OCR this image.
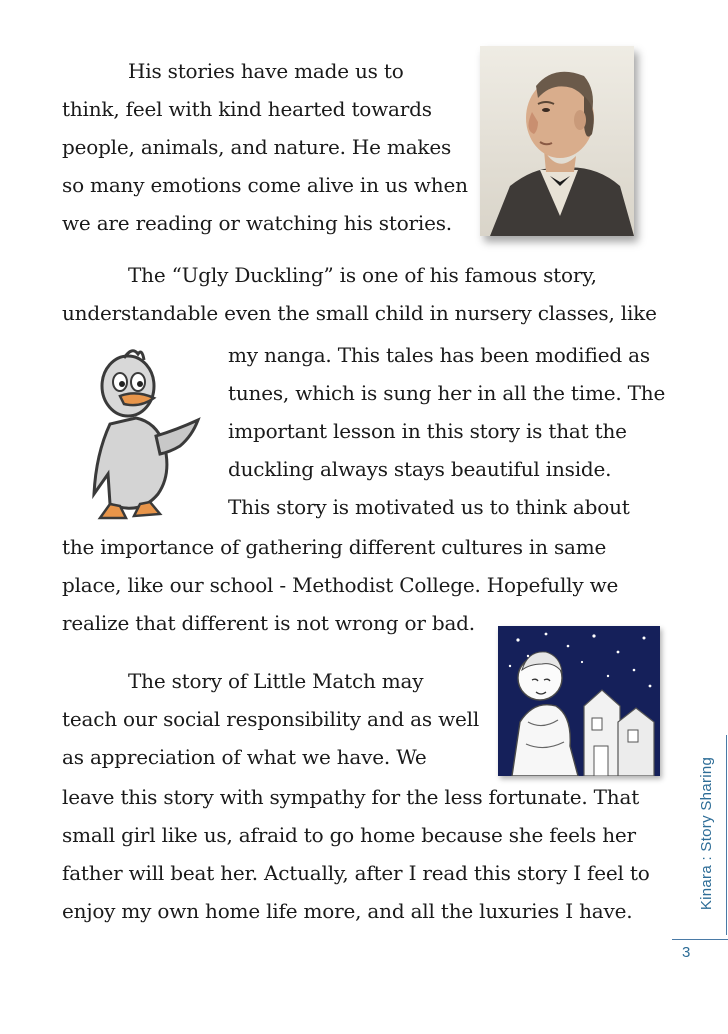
His stories have made us to
think, feel with kind hearted towards
people, animals, and nature. He makes
so many emotions come alive in us when
we are reading or watching his stories.
The “Ugly Duckling” is one of his famous story,
understandable even the small child in nursery classes, like
my nanga. This tales has been modified as
tunes, which is sung her in all the time. The
important lesson in this story is that the
duckling always stays beautiful inside.
This story is motivated us to think about
the importance of gathering different cultures in same
place, like our school - Methodist College. Hopefully we
realize that different is not wrong or bad.
The story of Little Match may
teach our social responsibility and as well
as appreciation of what we have. We
leave this story with sympathy for the less fortunate. That
small girl like us, afraid to go home because she feels her
father will beat her. Actually, after I read this story I feel to
enjoy my own home life more, and all the luxuries I have.
Kinara : Story Sharing
3
